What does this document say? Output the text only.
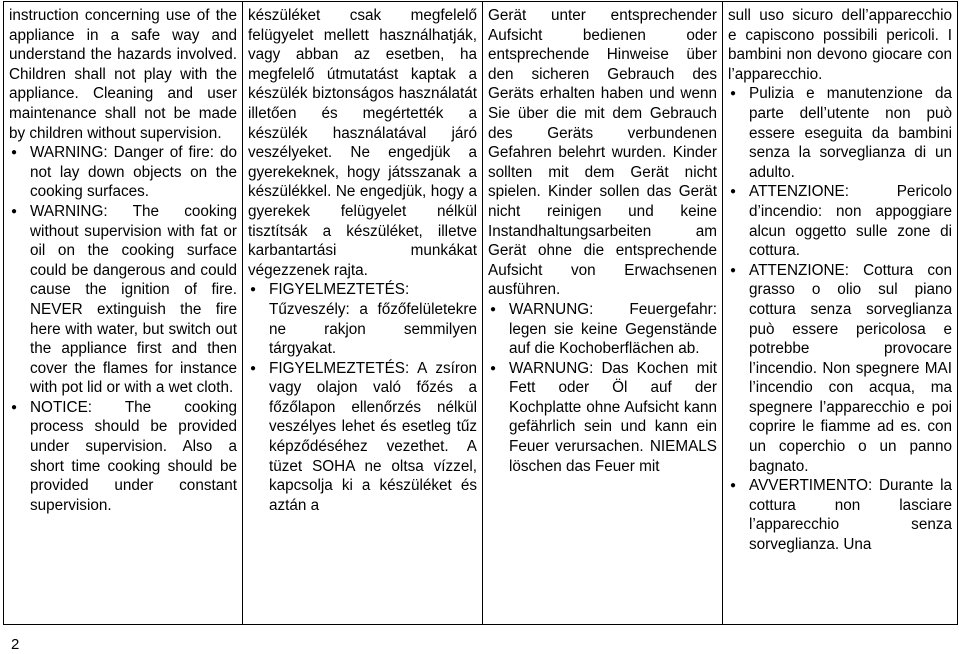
instruction concerning use of the appliance in a safe way and understand the hazards involved. Children shall not play with the appliance. Cleaning and user maintenance shall not be made by children without supervision.

● WARNING: Danger of fire: do not lay down objects on the cooking surfaces.

● WARNING: The cooking without supervision with fat or oil on the cooking surface could be dangerous and could cause the ignition of fire. NEVER extinguish the fire here with water, but switch out the appliance first and then cover the flames for instance with pot lid or with a wet cloth.

● NOTICE: The cooking process should be provided under supervision. Also a short time cooking should be provided under constant supervision.

készüléket csak megfelelő felügyelet mellett használhatják, vagy abban az esetben, ha megfelelő útmutatást kaptak a készülék biztonságos használatát illetően és megértették a készülék használatával járó veszélyeket. Ne engedjük a gyerekeknek, hogy játsszanak a készülékkel. Ne engedjük, hogy a gyerekek felügyelet nélkül tisztítsák a készüléket, illetve karbantartási munkákat végezzenek rajta.

● FIGYELMEZTETÉS: Tűzveszély: a főzőfelületekre ne rakjon semmilyen tárgyakat.

● FIGYELMEZTETÉS: A zsíron vagy olajon való főzés a főzőlapon ellenőrzés nélkül veszélyes lehet és esetleg tűz képződéséhez vezethet. A tüzet SOHA ne oltsa vízzel, kapcsolja ki a készüléket és aztán a

Gerät unter entsprechender Aufsicht bedienen oder entsprechende Hinweise über den sicheren Gebrauch des Geräts erhalten haben und wenn Sie über die mit dem Gebrauch des Geräts verbundenen Gefahren belehrt wurden. Kinder sollten mit dem Gerät nicht spielen. Kinder sollen das Gerät nicht reinigen und keine Instandhaltungsarbeiten am Gerät ohne die entsprechende Aufsicht von Erwachsenen ausführen.

● WARNUNG: Feuergefahr: legen sie keine Gegenstände auf die Kochoberflächen ab.

● WARNUNG: Das Kochen mit Fett oder Öl auf der Kochplatte ohne Aufsicht kann gefährlich sein und kann ein Feuer verursachen. NIEMALS löschen das Feuer mit

sull uso sicuro dell’apparecchio e capiscono possibili pericoli. I bambini non devono giocare con l’apparecchio.

● Pulizia e manutenzione da parte dell’utente non può essere eseguita da bambini senza la sorveglianza di un adulto.

● ATTENZIONE: Pericolo d’incendio: non appoggiare alcun oggetto sulle zone di cottura.

● ATTENZIONE: Cottura con grasso o olio sul piano cottura senza sorveglianza può essere pericolosa e potrebbe provocare l’incendio. Non spegnere MAI l’incendio con acqua, ma spegnere l’apparecchio e poi coprire le fiamme ad es. con un coperchio o un panno bagnato.

● AVVERTIMENTO: Durante la cottura non lasciare l’apparecchio senza sorveglianza. Una

2
